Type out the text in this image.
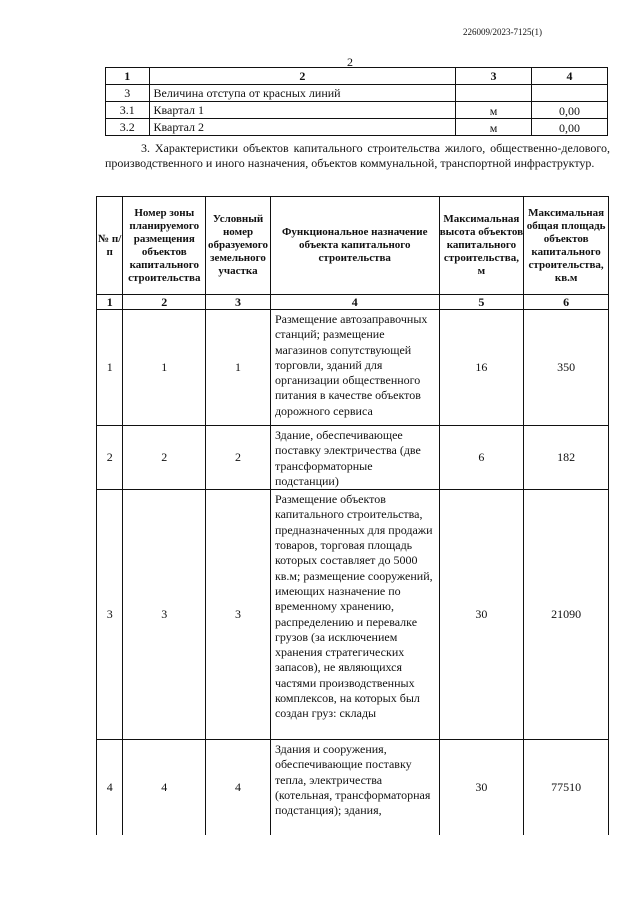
226009/2023-7125(1)
2
1	2	3	4
3	Величина отступа от красных линий		
3.1	Квартал 1	м	0,00
3.2	Квартал 2	м	0,00
3. Характеристики объектов капитального строительства жилого, общественно-делового, производственного и иного назначения, объектов коммунальной, транспортной инфраструктур.
№ п/п	Номер зоны планируемого размещения объектов капитального строительства	Условный номер образуемого земельного участка	Функциональное назначение объекта капитального строительства	Максимальная высота объектов капитального строительства, м	Максимальная общая площадь объектов капитального строительства, кв.м
1	2	3	4	5	6
1	1	1	Размещение автозаправочных станций; размещение магазинов сопутствующей торговли, зданий для организации общественного питания в качестве объектов дорожного сервиса	16	350
2	2	2	Здание, обеспечивающее поставку электричества (две трансформаторные подстанции)	6	182
3	3	3	Размещение объектов капитального строительства, предназначенных для продажи товаров, торговая площадь которых составляет до 5000 кв.м; размещение сооружений, имеющих назначение по временному хранению, распределению и перевалке грузов (за исключением хранения стратегических запасов), не являющихся частями производственных комплексов, на которых был создан груз: склады	30	21090
4	4	4	Здания и сооружения, обеспечивающие поставку тепла, электричества (котельная, трансформаторная подстанция); здания,	30	77510
